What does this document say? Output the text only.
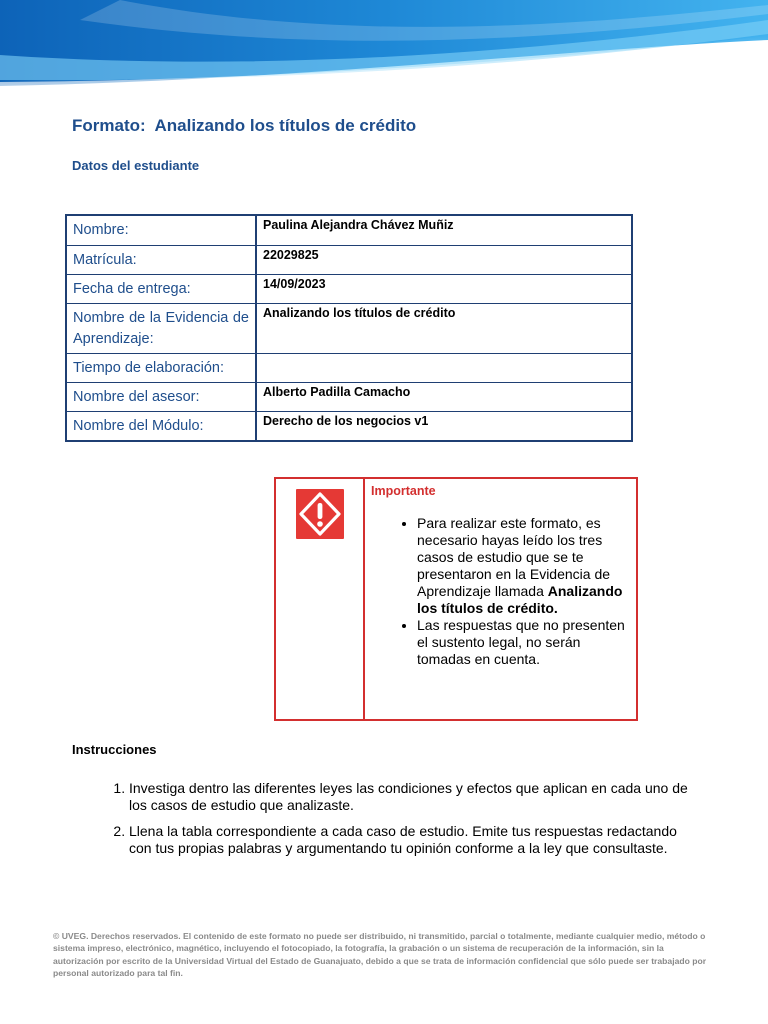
Formato:  Analizando los títulos de crédito
Datos del estudiante
Nombre:	Paulina Alejandra Chávez Muñiz
Matrícula:	22029825
Fecha de entrega:	14/09/2023
Nombre de la Evidencia de Aprendizaje:	Analizando los títulos de crédito
Tiempo de elaboración:	
Nombre del asesor:	Alberto Padilla Camacho
Nombre del Módulo:	Derecho de los negocios v1
Importante
• Para realizar este formato, es necesario hayas leído los tres casos de estudio que se te presentaron en la Evidencia de Aprendizaje llamada Analizando los títulos de crédito.
• Las respuestas que no presenten el sustento legal, no serán tomadas en cuenta.
Instrucciones
1. Investiga dentro las diferentes leyes las condiciones y efectos que aplican en cada uno de los casos de estudio que analizaste.
2. Llena la tabla correspondiente a cada caso de estudio. Emite tus respuestas redactando con tus propias palabras y argumentando tu opinión conforme a la ley que consultaste.
© UVEG. Derechos reservados. El contenido de este formato no puede ser distribuido, ni transmitido, parcial o totalmente, mediante cualquier medio, método o sistema impreso, electrónico, magnético, incluyendo el fotocopiado, la fotografía, la grabación o un sistema de recuperación de la información, sin la autorización por escrito de la Universidad Virtual del Estado de Guanajuato, debido a que se trata de información confidencial que sólo puede ser trabajado por personal autorizado para tal fin.
